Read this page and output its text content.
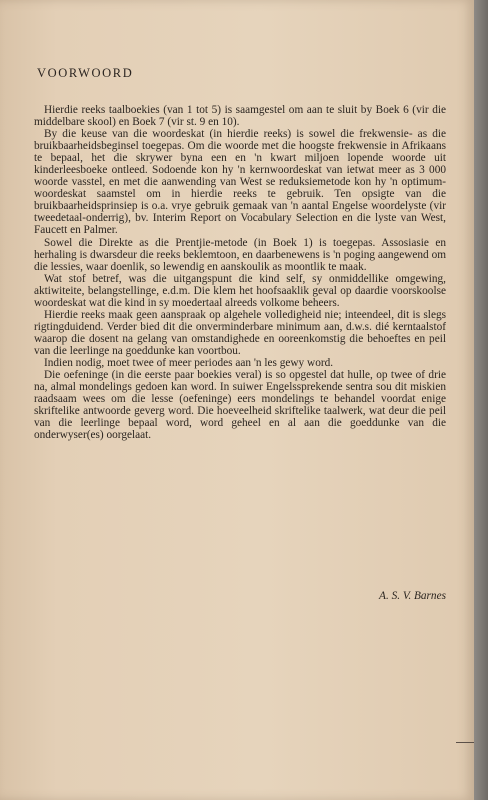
VOORWOORD

Hierdie reeks taalboekies (van 1 tot 5) is saamgestel om aan te sluit by Boek 6 (vir die middelbare skool) en Boek 7 (vir st. 9 en 10).

By die keuse van die woordeskat (in hierdie reeks) is sowel die frekwensie- as die bruikbaarheidsbeginsel toegepas. Om die woorde met die hoogste frekwensie in Afrikaans te bepaal, het die skrywer byna een en 'n kwart miljoen lopende woorde uit kinderleesboeke ontleed. Sodoende kon hy 'n kernwoordeskat van ietwat meer as 3 000 woorde vasstel, en met die aanwending van West se reduksiemetode kon hy 'n optimum-woordeskat saamstel om in hierdie reeks te gebruik. Ten opsigte van die bruikbaarheidsprinsiep is o.a. vrye gebruik gemaak van 'n aantal Engelse woordelyste (vir tweedetaal-onderrig), bv. Interim Report on Vocabulary Selection en die lyste van West, Faucett en Palmer.

Sowel die Direkte as die Prentjie-metode (in Boek 1) is toegepas. Assosiasie en herhaling is dwarsdeur die reeks beklemtoon, en daarbenewens is 'n poging aangewend om die lessies, waar doenlik, so lewendig en aanskoulik as moontlik te maak.

Wat stof betref, was die uitgangspunt die kind self, sy onmiddellike omgewing, aktiwiteite, belangstellinge, e.d.m. Die klem het hoofsaaklik geval op daardie voorskoolse woordeskat wat die kind in sy moedertaal alreeds volkome beheers.

Hierdie reeks maak geen aanspraak op algehele volledigheid nie; inteendeel, dit is slegs rigtingduidend. Verder bied dit die onverminderbare minimum aan, d.w.s. dié kerntaalstof waarop die dosent na gelang van omstandighede en ooreenkomstig die behoeftes en peil van die leerlinge na goeddunke kan voortbou.

Indien nodig, moet twee of meer periodes aan 'n les gewy word.

Die oefeninge (in die eerste paar boekies veral) is so opgestel dat hulle, op twee of drie na, almal mondelings gedoen kan word. In suiwer Engelssprekende sentra sou dit miskien raadsaam wees om die lesse (oefeninge) eers mondelings te behandel voordat enige skriftelike antwoorde geverg word. Die hoeveelheid skriftelike taalwerk, wat deur die peil van die leerlinge bepaal word, word geheel en al aan die goeddunke van die onderwyser(es) oorgelaat.

A. S. V. Barnes
